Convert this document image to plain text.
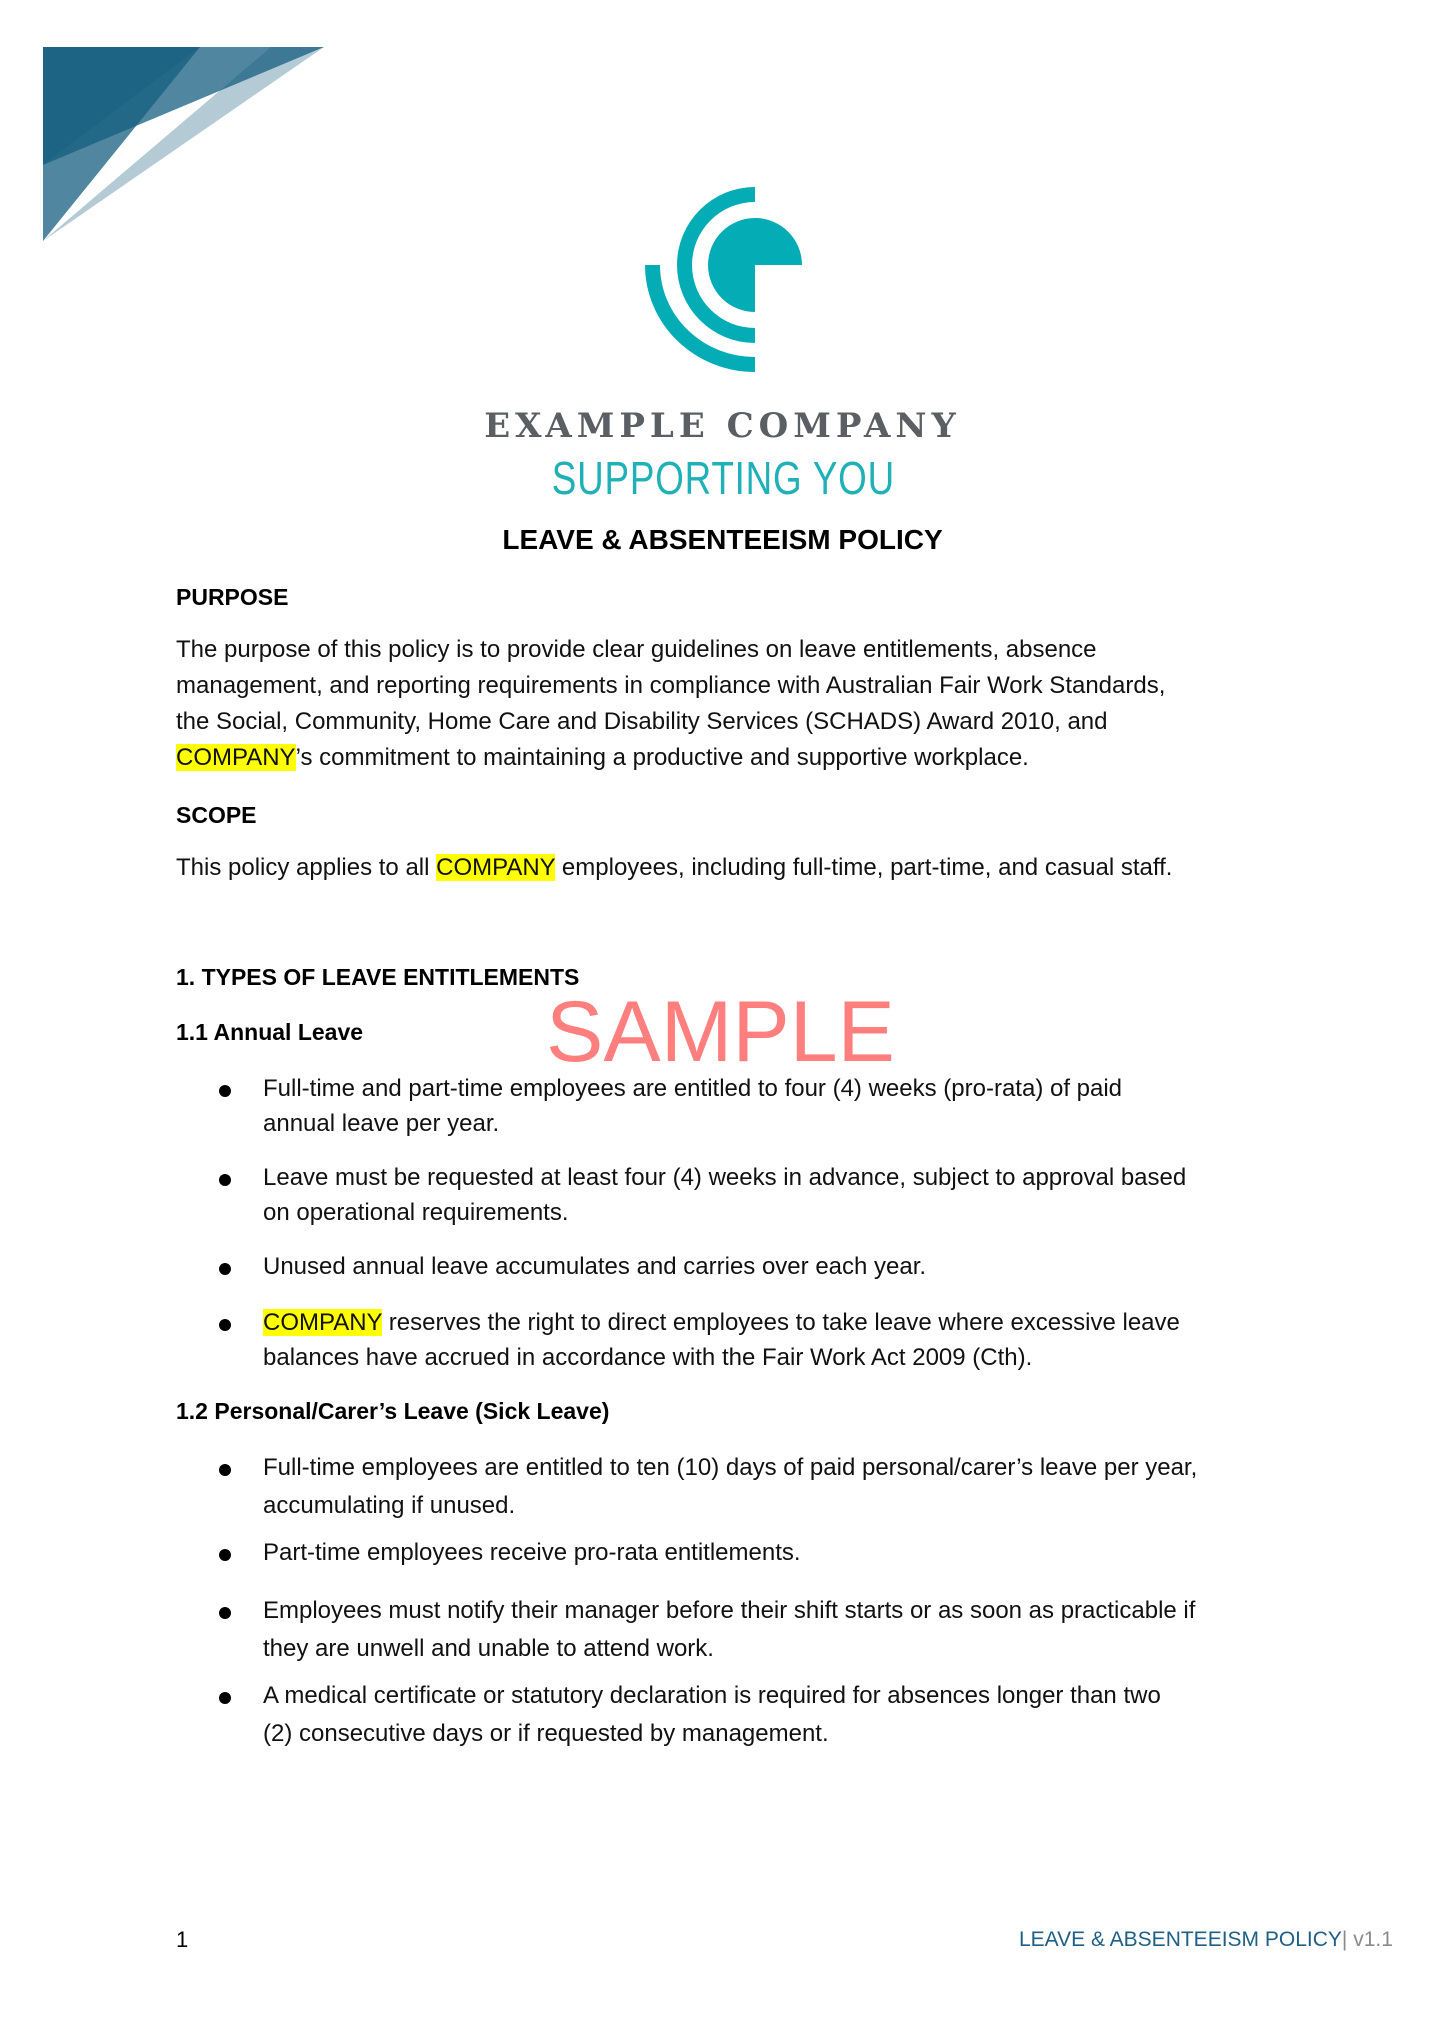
EXAMPLE COMPANY
SUPPORTING YOU
LEAVE & ABSENTEEISM POLICY
PURPOSE
The purpose of this policy is to provide clear guidelines on leave entitlements, absence
management, and reporting requirements in compliance with Australian Fair Work Standards,
the Social, Community, Home Care and Disability Services (SCHADS) Award 2010, and
COMPANY’s commitment to maintaining a productive and supportive workplace.
SCOPE
This policy applies to all COMPANY employees, including full-time, part-time, and casual staff.
1. TYPES OF LEAVE ENTITLEMENTS
1.1 Annual Leave SAMPLE
Full-time and part-time employees are entitled to four (4) weeks (pro-rata) of paid
annual leave per year.
Leave must be requested at least four (4) weeks in advance, subject to approval based
on operational requirements.
Unused annual leave accumulates and carries over each year.
COMPANY reserves the right to direct employees to take leave where excessive leave
balances have accrued in accordance with the Fair Work Act 2009 (Cth).
1.2 Personal/Carer’s Leave (Sick Leave)
Full-time employees are entitled to ten (10) days of paid personal/carer’s leave per year,
accumulating if unused.
Part-time employees receive pro-rata entitlements.
Employees must notify their manager before their shift starts or as soon as practicable if
they are unwell and unable to attend work.
A medical certificate or statutory declaration is required for absences longer than two
(2) consecutive days or if requested by management.
1	LEAVE & ABSENTEEISM POLICY| v1.1
